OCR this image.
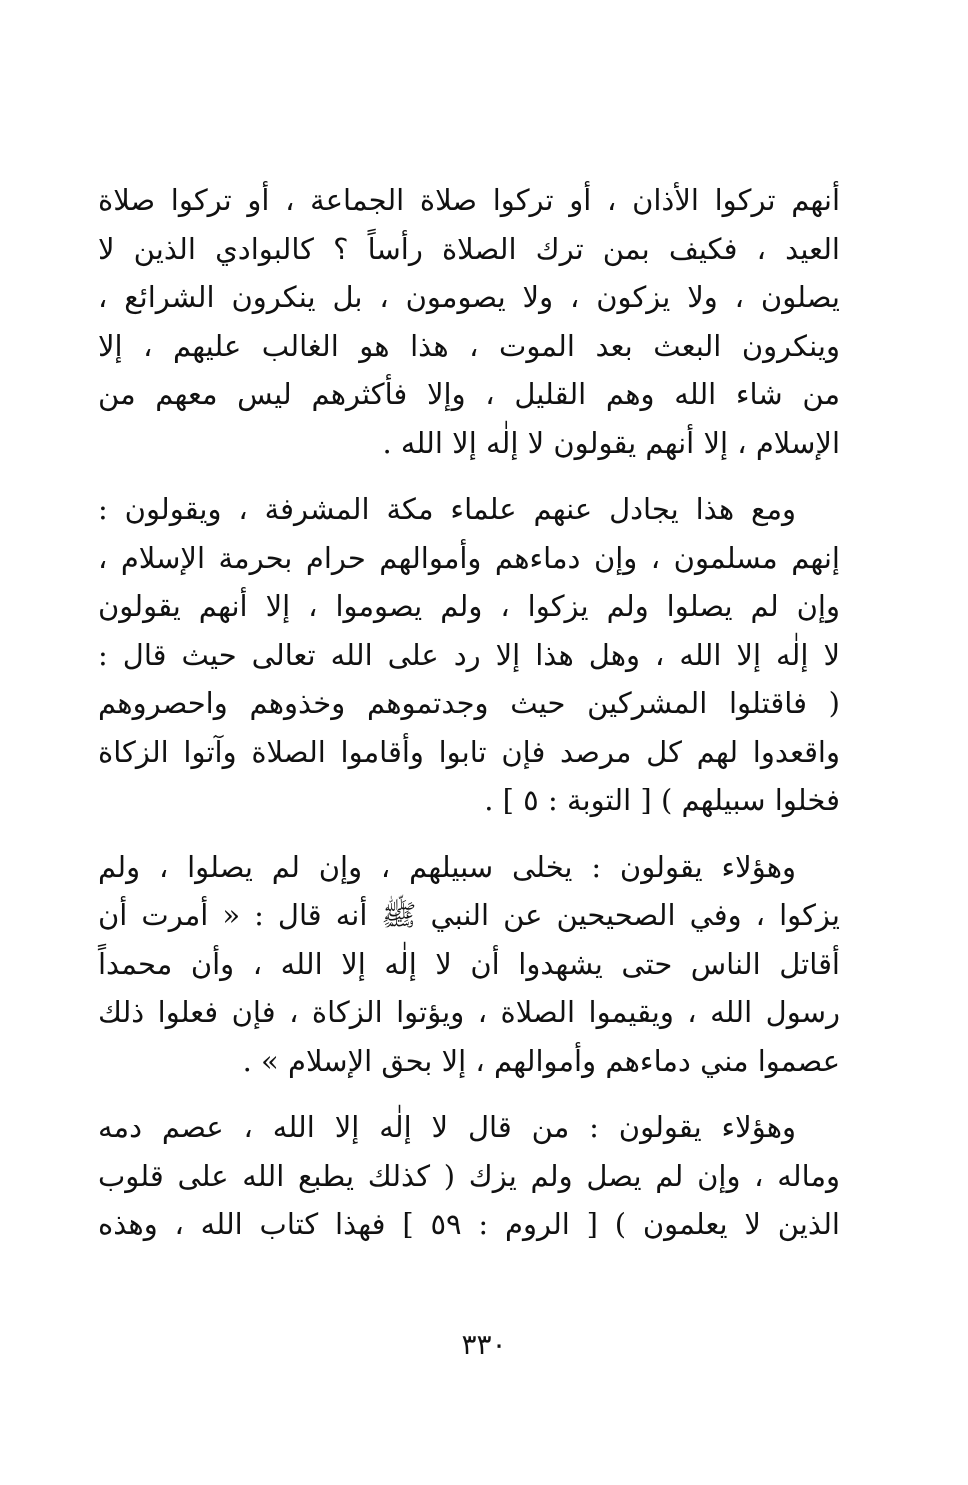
أنهم تركوا الأذان ، أو تركوا صلاة الجماعة ، أو تركوا صلاة
العيد ، فكيف بمن ترك الصلاة رأساً ؟ كالبوادي الذين لا
يصلون ، ولا يزكون ، ولا يصومون ، بل ينكرون الشرائع ،
وينكرون البعث بعد الموت ، هذا هو الغالب عليهم ، إلا
من شاء الله وهم القليل ، وإلا فأكثرهم ليس معهم من
الإسلام ، إلا أنهم يقولون لا إلٰه إلا الله .
ومع هذا يجادل عنهم علماء مكة المشرفة ، ويقولون :
إنهم مسلمون ، وإن دماءهم وأموالهم حرام بحرمة الإسلام ،
وإن لم يصلوا ولم يزكوا ، ولم يصوموا ، إلا أنهم يقولون
لا إلٰه إلا الله ، وهل هذا إلا رد على الله تعالى حيث قال :
( فاقتلوا المشركين حيث وجدتموهم وخذوهم واحصروهم
واقعدوا لهم كل مرصد فإن تابوا وأقاموا الصلاة وآتوا الزكاة
فخلوا سبيلهم ) [ التوبة : ٥ ] .
وهؤلاء يقولون : يخلى سبيلهم ، وإن لم يصلوا ، ولم
يزكوا ، وفي الصحيحين عن النبي ﷺ أنه قال : « أمرت أن
أقاتل الناس حتى يشهدوا أن لا إلٰه إلا الله ، وأن محمداً
رسول الله ، ويقيموا الصلاة ، ويؤتوا الزكاة ، فإن فعلوا ذلك
عصموا مني دماءهم وأموالهم ، إلا بحق الإسلام » .
وهؤلاء يقولون : من قال لا إلٰه إلا الله ، عصم دمه
وماله ، وإن لم يصل ولم يزك ( كذلك يطبع الله على قلوب
الذين لا يعلمون ) [ الروم : ٥٩ ] فهذا كتاب الله ، وهذه
٣٣٠
